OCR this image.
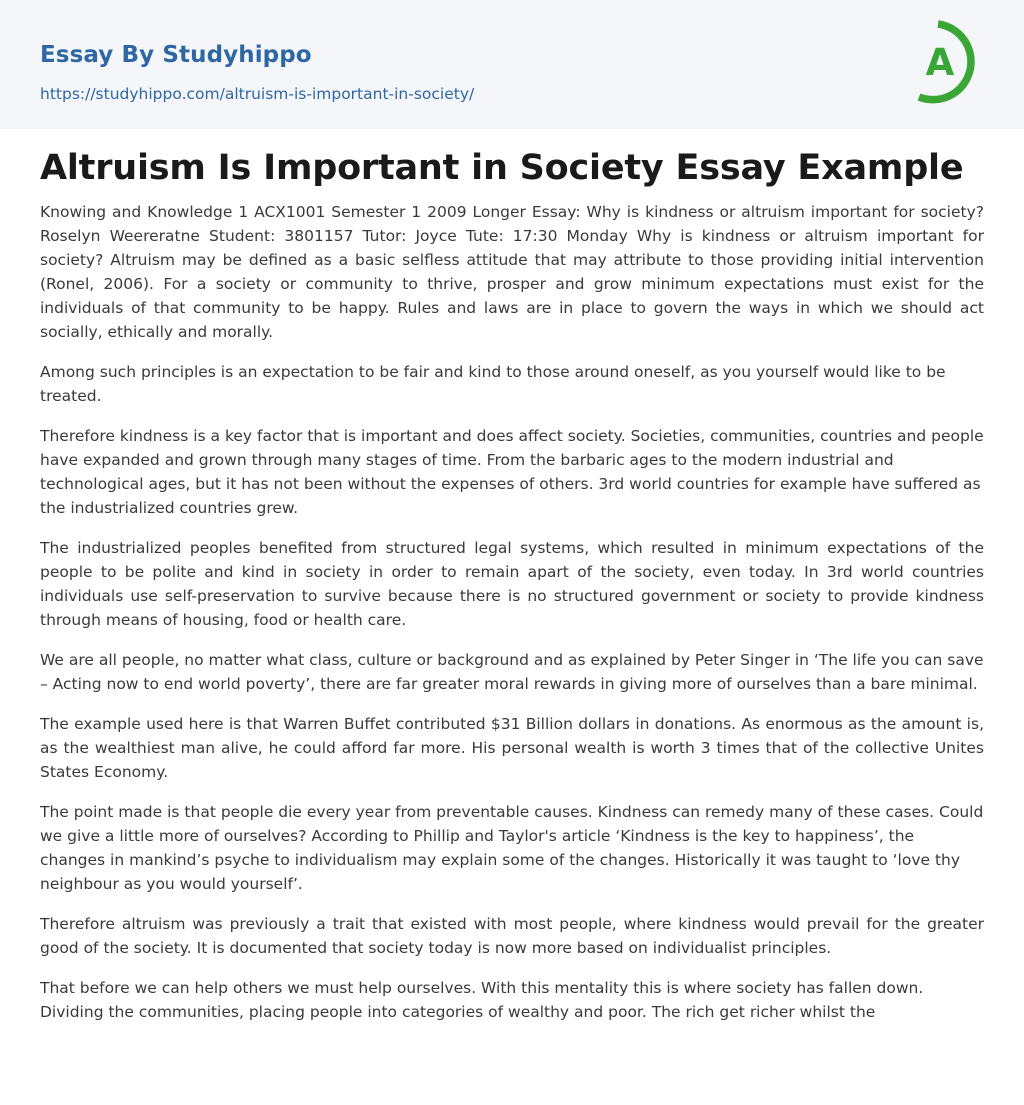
Essay By Studyhippo
https://studyhippo.com/altruism-is-important-in-society/
A
Altruism Is Important in Society Essay Example

Knowing and Knowledge 1 ACX1001 Semester 1 2009 Longer Essay: Why is kindness or altruism important for society? Roselyn Weereratne Student: 3801157 Tutor: Joyce Tute: 17:30 Monday Why is kindness or altruism important for society? Altruism may be defined as a basic selfless attitude that may attribute to those providing initial intervention (Ronel, 2006). For a society or community to thrive, prosper and grow minimum expectations must exist for the individuals of that community to be happy. Rules and laws are in place to govern the ways in which we should act socially, ethically and morally.

Among such principles is an expectation to be fair and kind to those around oneself, as you yourself would like to be treated.

Therefore kindness is a key factor that is important and does affect society. Societies, communities, countries and people have expanded and grown through many stages of time. From the barbaric ages to the modern industrial and technological ages, but it has not been without the expenses of others. 3rd world countries for example have suffered as the industrialized countries grew.

The industrialized peoples benefited from structured legal systems, which resulted in minimum expectations of the people to be polite and kind in society in order to remain apart of the society, even today. In 3rd world countries individuals use self-preservation to survive because there is no structured government or society to provide kindness through means of housing, food or health care.

We are all people, no matter what class, culture or background and as explained by Peter Singer in ‘The life you can save – Acting now to end world poverty’, there are far greater moral rewards in giving more of ourselves than a bare minimal.

The example used here is that Warren Buffet contributed $31 Billion dollars in donations. As enormous as the amount is, as the wealthiest man alive, he could afford far more. His personal wealth is worth 3 times that of the collective Unites States Economy.

The point made is that people die every year from preventable causes. Kindness can remedy many of these cases. Could we give a little more of ourselves? According to Phillip and Taylor's article ‘Kindness is the key to happiness’, the changes in mankind’s psyche to individualism may explain some of the changes. Historically it was taught to ‘love thy neighbour as you would yourself’.

Therefore altruism was previously a trait that existed with most people, where kindness would prevail for the greater good of the society. It is documented that society today is now more based on individualist principles.

That before we can help others we must help ourselves. With this mentality this is where society has fallen down. Dividing the communities, placing people into categories of wealthy and poor. The rich get richer whilst the
